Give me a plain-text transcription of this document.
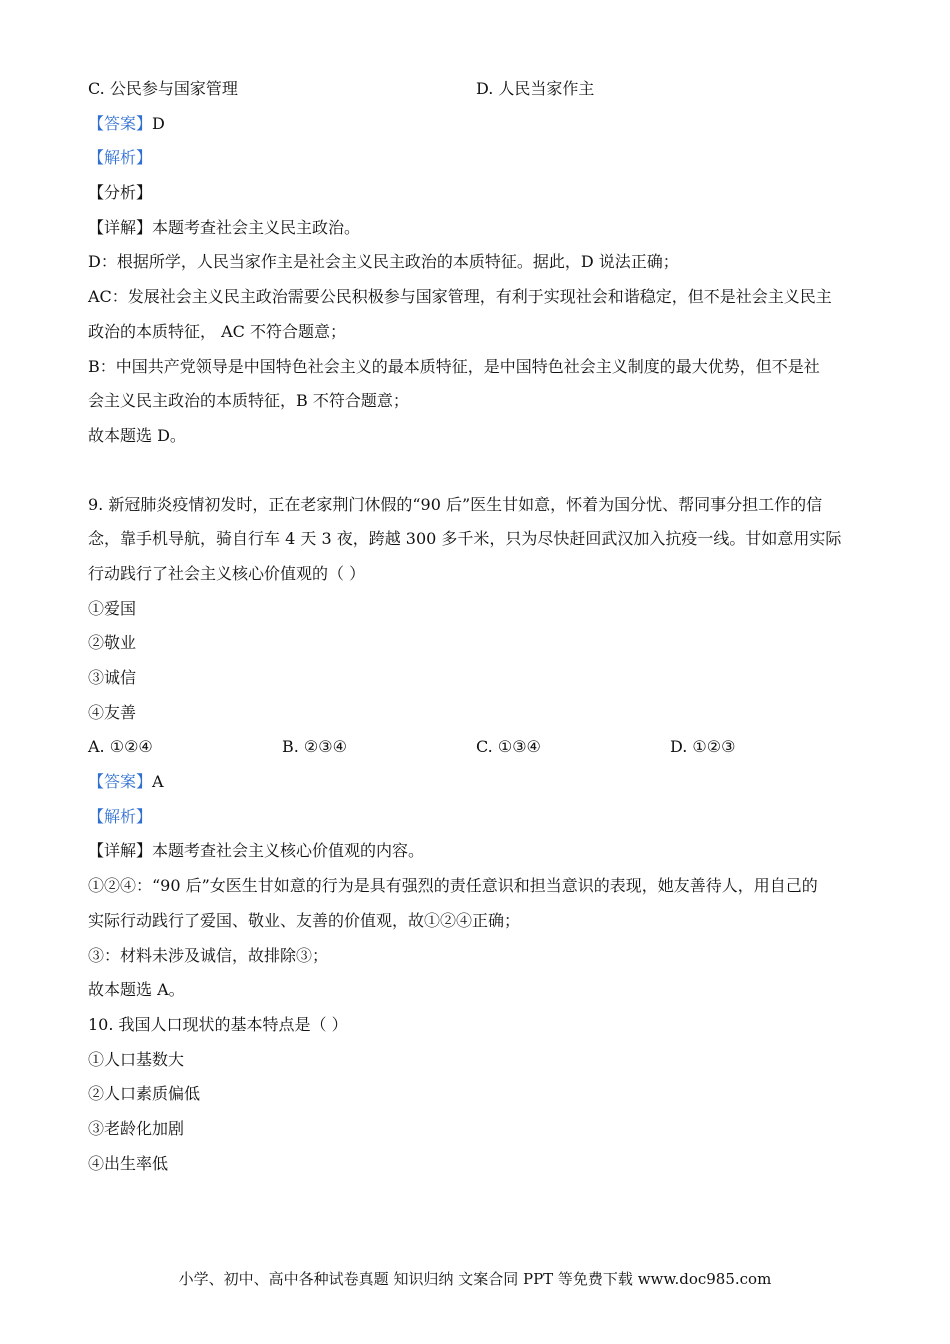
C. 公民参与国家管理	D. 人民当家作主
【答案】D
【解析】
【分析】
【详解】本题考查社会主义民主政治。
D：根据所学，人民当家作主是社会主义民主政治的本质特征。据此，D 说法正确；
AC：发展社会主义民主政治需要公民积极参与国家管理，有利于实现社会和谐稳定，但不是社会主义民主
政治的本质特征， AC 不符合题意；
B：中国共产党领导是中国特色社会主义的最本质特征，是中国特色社会主义制度的最大优势，但不是社
会主义民主政治的本质特征，B 不符合题意；
故本题选 D。
9. 新冠肺炎疫情初发时，正在老家荆门休假的“90 后”医生甘如意，怀着为国分忧、帮同事分担工作的信
念，靠手机导航，骑自行车 4 天 3 夜，跨越 300 多千米，只为尽快赶回武汉加入抗疫一线。甘如意用实际
行动践行了社会主义核心价值观的（ ）
①爱国
②敬业
③诚信
④友善
A. ①②④	B. ②③④	C. ①③④	D. ①②③
【答案】A
【解析】
【详解】本题考查社会主义核心价值观的内容。
①②④：“90 后”女医生甘如意的行为是具有强烈的责任意识和担当意识的表现，她友善待人，用自己的
实际行动践行了爱国、敬业、友善的价值观，故①②④正确；
③：材料未涉及诚信，故排除③；
故本题选 A。
10. 我国人口现状的基本特点是（ ）
①人口基数大
②人口素质偏低
③老龄化加剧
④出生率低
小学、初中、高中各种试卷真题 知识归纳 文案合同 PPT 等免费下载 www.doc985.com
